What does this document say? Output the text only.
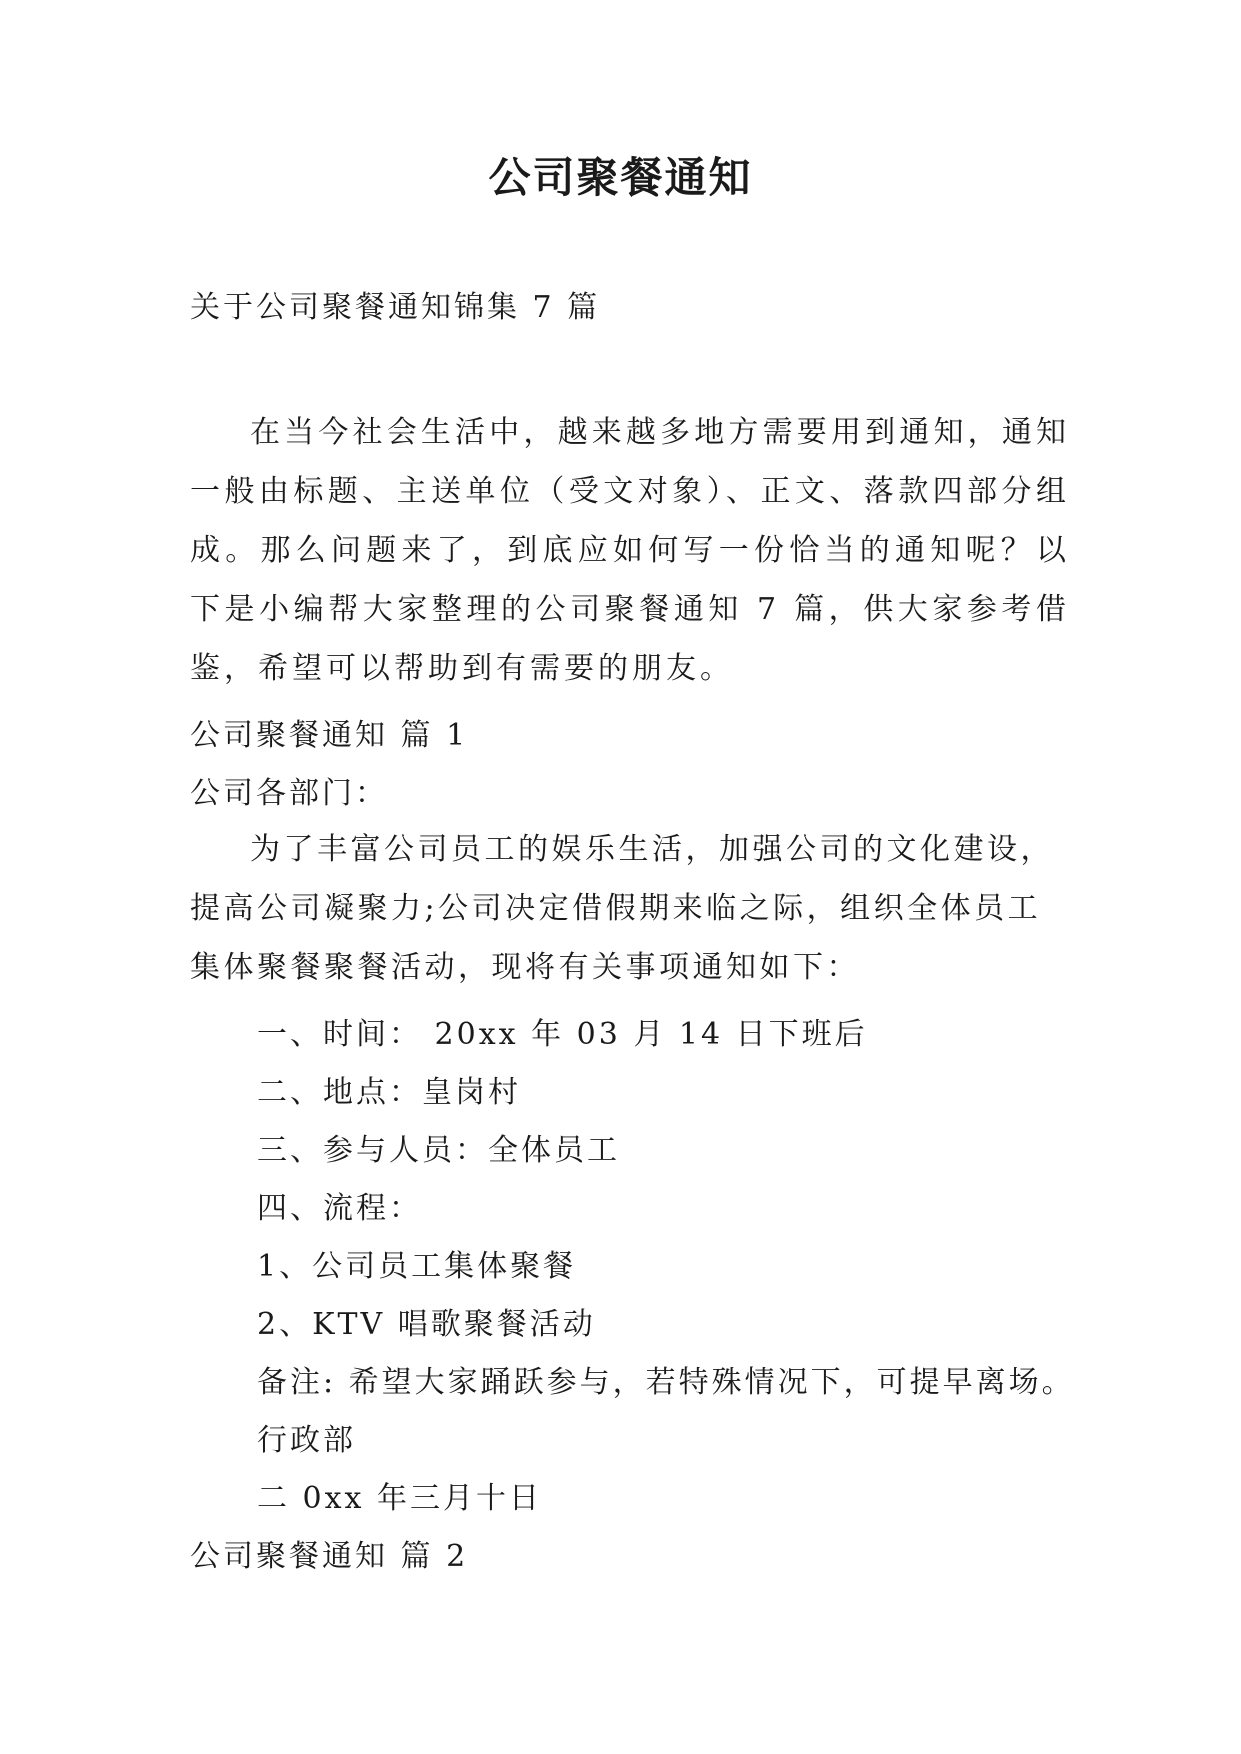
公司聚餐通知
关于公司聚餐通知锦集 7 篇
在当今社会生活中，越来越多地方需要用到通知，通知一般由标题、主送单位（受文对象）、正文、落款四部分组成。那么问题来了，到底应如何写一份恰当的通知呢？以下是小编帮大家整理的公司聚餐通知 7 篇，供大家参考借鉴，希望可以帮助到有需要的朋友。
公司聚餐通知 篇 1
公司各部门：
为了丰富公司员工的娱乐生活，加强公司的文化建设，提高公司凝聚力;公司决定借假期来临之际，组织全体员工集体聚餐聚餐活动，现将有关事项通知如下：
一、时间： 20xx 年 03 月 14 日下班后
二、地点：皇岗村
三、参与人员：全体员工
四、流程：
1、公司员工集体聚餐
2、KTV 唱歌聚餐活动
备注: 希望大家踊跃参与，若特殊情况下，可提早离场。
行政部
二 0xx 年三月十日
公司聚餐通知 篇 2
